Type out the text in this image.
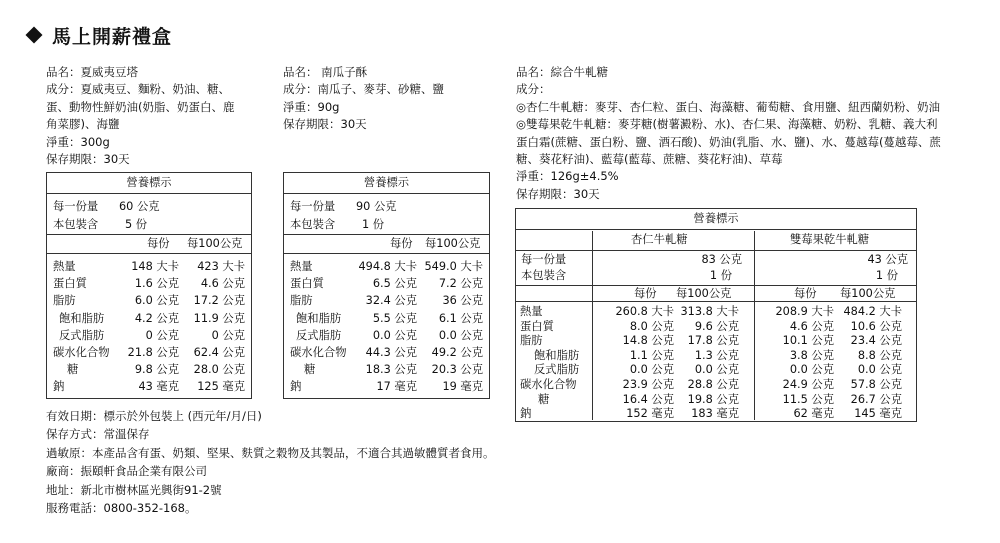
馬上開薪禮盒
品名：夏威夷豆塔
成分：夏威夷豆、麵粉、奶油、糖、
蛋、動物性鮮奶油(奶脂、奶蛋白、鹿
角菜膠)、海鹽
淨重：300g
保存期限：30天
品名： 南瓜子酥
成分：南瓜子、麥芽、砂糖、鹽
淨重：90g
保存期限：30天
品名：綜合牛軋糖
成分：
◎杏仁牛軋糖：麥芽、杏仁粒、蛋白、海藻糖、葡萄糖、食用鹽、紐西蘭奶粉、奶油
◎雙莓果乾牛軋糖：麥芽糖(樹薯澱粉、水)、杏仁果、海藻糖、奶粉、乳糖、義大利
蛋白霜(蔗糖、蛋白粉、鹽、酒石酸)、奶油(乳脂、水、鹽)、水、蔓越莓(蔓越莓、蔗
糖、葵花籽油)、藍莓(藍莓、蔗糖、葵花籽油)、草莓
淨重：126g±4.5%
保存期限：30天
營養標示
每一份量 60 公克
本包裝含 5 份
每份 每100公克
熱量	148 大卡	423 大卡
蛋白質	1.6 公克	4.6 公克
脂肪	6.0 公克	17.2 公克
飽和脂肪	4.2 公克	11.9 公克
反式脂肪	0 公克	0 公克
碳水化合物	21.8 公克	62.4 公克
糖	9.8 公克	28.0 公克
鈉	43 毫克	125 毫克
營養標示
每一份量 90 公克
本包裝含 1 份
每份 每100公克
熱量	494.8 大卡 549.0 大卡
蛋白質	6.5 公克	7.2 公克
脂肪	32.4 公克	36 公克
飽和脂肪	5.5 公克	6.1 公克
反式脂肪	0.0 公克	0.0 公克
碳水化合物	44.3 公克	49.2 公克
糖	18.3 公克	20.3 公克
鈉	17 毫克	19 毫克
營養標示
杏仁牛軋糖	雙莓果乾牛軋糖
每一份量	83 公克	43 公克
本包裝含	1 份	1 份
每份 每100公克	每份 每100公克
熱量	260.8 大卡 313.8 大卡	208.9 大卡 484.2 大卡
蛋白質	8.0 公克	9.6 公克	4.6 公克	10.6 公克
脂肪	14.8 公克	17.8 公克	10.1 公克	23.4 公克
飽和脂肪	1.1 公克	1.3 公克	3.8 公克	8.8 公克
反式脂肪	0.0 公克	0.0 公克	0.0 公克	0.0 公克
碳水化合物	23.9 公克	28.8 公克	24.9 公克	57.8 公克
糖	16.4 公克	19.8 公克	11.5 公克	26.7 公克
鈉	152 毫克	183 毫克	62 毫克	145 毫克
有效日期：標示於外包裝上 (西元年/月/日)
保存方式：常溫保存
過敏原：本產品含有蛋、奶類、堅果、麩質之穀物及其製品，不適合其過敏體質者食用。
廠商：振頤軒食品企業有限公司
地址：新北市樹林區光興街91-2號
服務電話：0800-352-168。
